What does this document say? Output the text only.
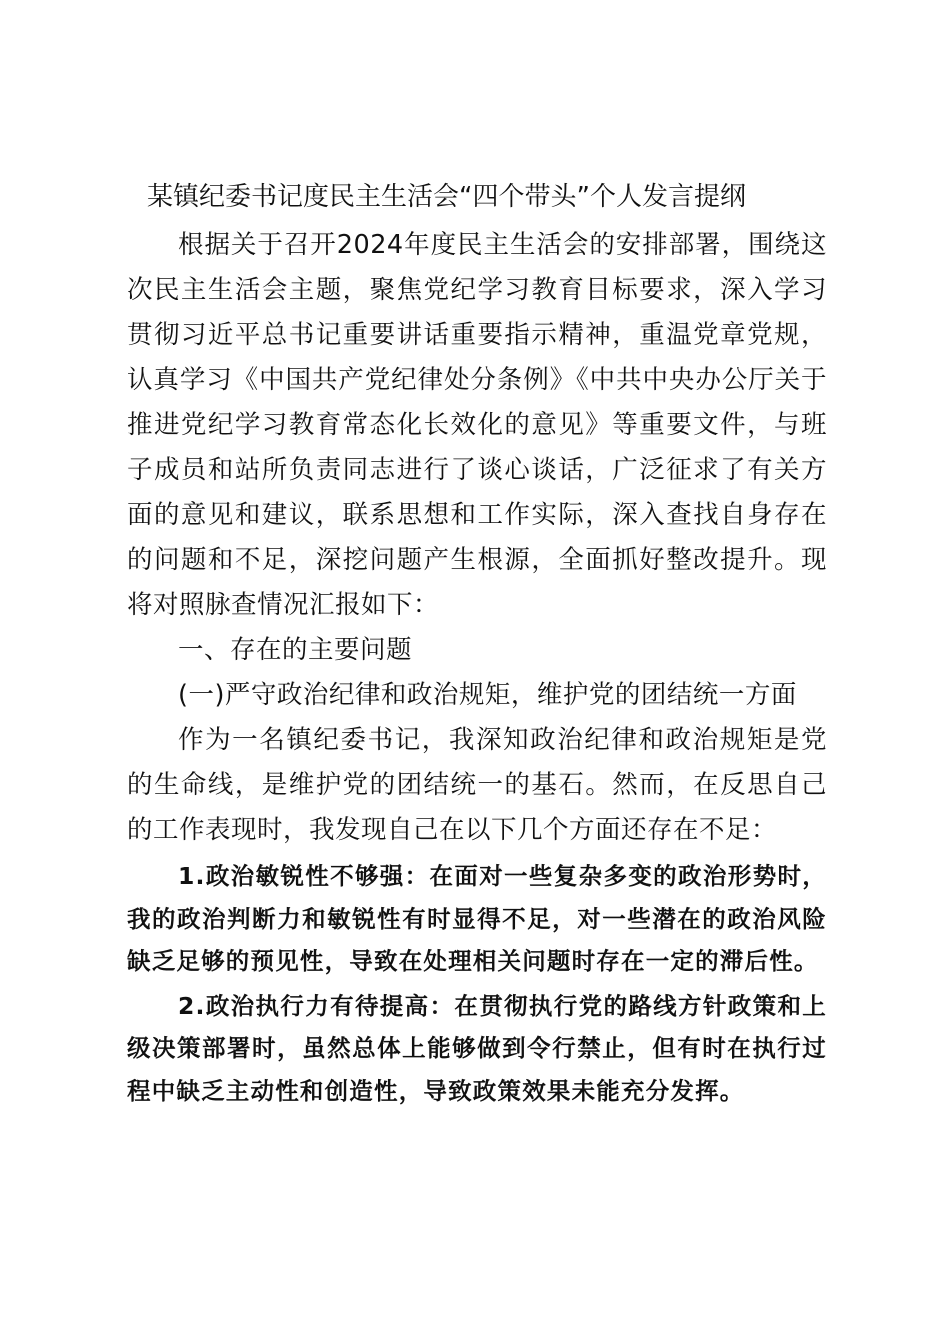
某镇纪委书记度民主生活会“四个带头”个人发言提纲

根据关于召开2024年度民主生活会的安排部署，围绕这次民主生活会主题，聚焦党纪学习教育目标要求，深入学习贯彻习近平总书记重要讲话重要指示精神，重温党章党规，认真学习《中国共产党纪律处分条例》《中共中央办公厅关于推进党纪学习教育常态化长效化的意见》等重要文件，与班子成员和站所负责同志进行了谈心谈话，广泛征求了有关方面的意见和建议，联系思想和工作实际，深入查找自身存在的问题和不足，深挖问题产生根源，全面抓好整改提升。现将对照脉查情况汇报如下：

一、存在的主要问题

(一)严守政治纪律和政治规矩，维护党的团结统一方面

作为一名镇纪委书记，我深知政治纪律和政治规矩是党的生命线，是维护党的团结统一的基石。然而，在反思自己的工作表现时，我发现自己在以下几个方面还存在不足：

1.政治敏锐性不够强：在面对一些复杂多变的政治形势时，我的政治判断力和敏锐性有时显得不足，对一些潜在的政治风险缺乏足够的预见性，导致在处理相关问题时存在一定的滞后性。

2.政治执行力有待提高：在贯彻执行党的路线方针政策和上级决策部署时，虽然总体上能够做到令行禁止，但有时在执行过程中缺乏主动性和创造性，导致政策效果未能充分发挥。
